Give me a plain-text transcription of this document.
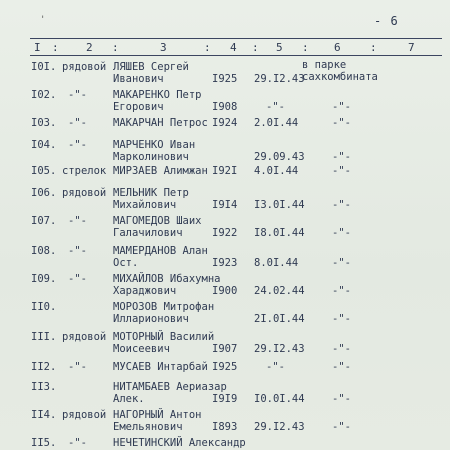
'	- 6
I : 2 :	3	: 4 : 5 : 6	:	7
I0I. рядовой ЛЯШЕВ Сергей
Иванович	I925 29.I2.43
в парке
сахкомбината
I02. -"- МАКАРЕНКО Петр
Егорович	I908	-"-	-"-
I03. -"- МАКАРЧАН Петрос I924 2.0I.44	-"-
I04. -"- МАРЧЕНКО Иван
Марколинович	29.09.43	-"-
I05. стрелок МИРЗАЕВ Алимжан I92I 4.0I.44	-"-
I06. рядовой МЕЛЬНИК Петр
Михайлович	I9I4 I3.0I.44	-"-
I07. -"- МАГОМЕДОВ Шаих
Галачилович	I922 I8.0I.44	-"-
I08. -"- МАМЕРДАНОВ Алан
Ост.	I923 8.0I.44	-"-
I09. -"- МИХАЙЛОВ Ибахумна
Хараджович	I900 24.02.44	-"-
II0.	МОРОЗОВ Митрофан
Илларионович	2I.0I.44	-"-
III. рядовой МОТОРНЫЙ Василий
Моисеевич	I907 29.I2.43	-"-
II2. -"- МУСАЕВ Интарбай I925	-"-	-"-
II3.	НИТАМБАЕВ Аериазар
Алек.	I9I9 I0.0I.44	-"-
II4. рядовой НАГОРНЫЙ Антон
Емельянович	I893 29.I2.43	-"-
II5. -"- НЕЧЕТИНСКИЙ Александр
